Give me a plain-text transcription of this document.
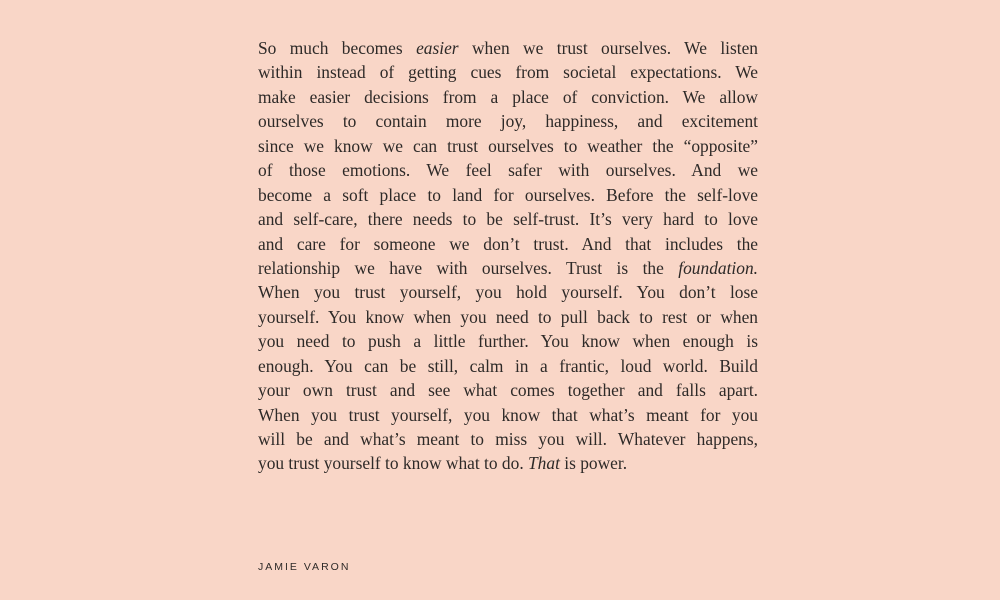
So much becomes easier when we trust ourselves. We listen
within instead of getting cues from societal expectations. We
make easier decisions from a place of conviction. We allow
ourselves to contain more joy, happiness, and excitement
since we know we can trust ourselves to weather the “opposite”
of those emotions. We feel safer with ourselves. And we
become a soft place to land for ourselves. Before the self-love
and self-care, there needs to be self-trust. It’s very hard to love
and care for someone we don’t trust. And that includes the
relationship we have with ourselves. Trust is the foundation.
When you trust yourself, you hold yourself. You don’t lose
yourself. You know when you need to pull back to rest or when
you need to push a little further. You know when enough is
enough. You can be still, calm in a frantic, loud world. Build
your own trust and see what comes together and falls apart.
When you trust yourself, you know that what’s meant for you
will be and what’s meant to miss you will. Whatever happens,
you trust yourself to know what to do. That is power.
JAMIE VARON
